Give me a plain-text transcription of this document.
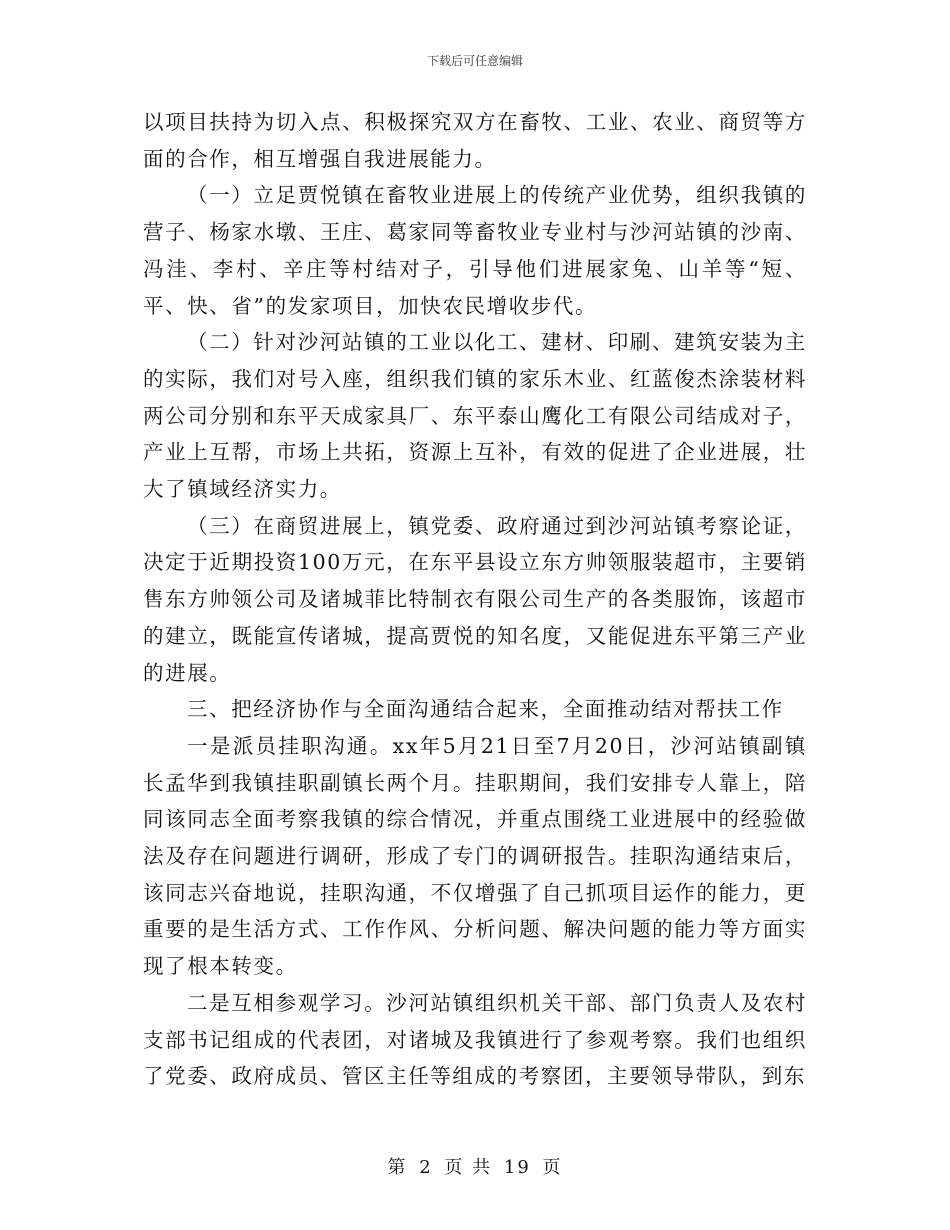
下载后可任意编辑

以项目扶持为切入点、积极探究双方在畜牧、工业、农业、商贸等方面的合作，相互增强自我进展能力。

（一）立足贾悦镇在畜牧业进展上的传统产业优势，组织我镇的营子、杨家水墩、王庄、葛家同等畜牧业专业村与沙河站镇的沙南、冯洼、李村、辛庄等村结对子，引导他们进展家兔、山羊等“短、平、快、省”的发家项目，加快农民增收步代。

（二）针对沙河站镇的工业以化工、建材、印刷、建筑安装为主的实际，我们对号入座，组织我们镇的家乐木业、红蓝俊杰涂装材料两公司分别和东平天成家具厂、东平泰山鹰化工有限公司结成对子，产业上互帮，市场上共拓，资源上互补，有效的促进了企业进展，壮大了镇域经济实力。

（三）在商贸进展上，镇党委、政府通过到沙河站镇考察论证，决定于近期投资100万元，在东平县设立东方帅领服装超市，主要销售东方帅领公司及诸城菲比特制衣有限公司生产的各类服饰，该超市的建立，既能宣传诸城，提高贾悦的知名度，又能促进东平第三产业的进展。

三、把经济协作与全面沟通结合起来，全面推动结对帮扶工作

一是派员挂职沟通。xx年5月21日至7月20日，沙河站镇副镇长孟华到我镇挂职副镇长两个月。挂职期间，我们安排专人靠上，陪同该同志全面考察我镇的综合情况，并重点围绕工业进展中的经验做法及存在问题进行调研，形成了专门的调研报告。挂职沟通结束后，该同志兴奋地说，挂职沟通，不仅增强了自己抓项目运作的能力，更重要的是生活方式、工作作风、分析问题、解决问题的能力等方面实现了根本转变。

二是互相参观学习。沙河站镇组织机关干部、部门负责人及农村支部书记组成的代表团，对诸城及我镇进行了参观考察。我们也组织了党委、政府成员、管区主任等组成的考察团，主要领导带队，到东

第 2 页 共 19 页
